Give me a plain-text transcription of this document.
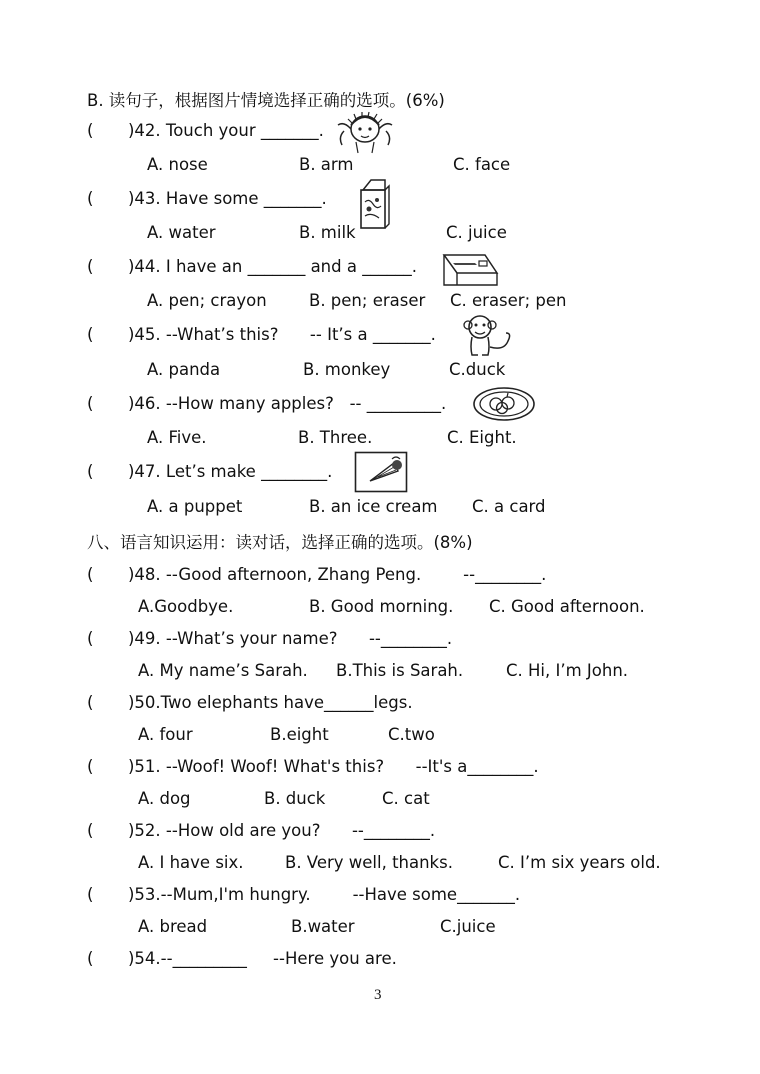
B. 读句子，根据图片情境选择正确的选项。(6%)
( )42. Touch your _______.
A. nose	B. arm	C. face
( )43. Have some _______.
A. water	B. milk	C. juice
( )44. I have an _______ and a ______.
A. pen; crayon	B. pen; eraser C. eraser; pen
( )45. --What’s this?      -- It’s a _______.
A. panda	B. monkey	C.duck
( )46. --How many apples?   -- _________.
A. Five.	B. Three.	C. Eight.
( )47. Let’s make ________.
A. a puppet	B. an ice cream C. a card
八、语言知识运用：读对话，选择正确的选项。(8%)
( )48. --Good afternoon, Zhang Peng.        --________.
A.Goodbye.	B. Good morning. C. Good afternoon.
( )49. --What’s your name?      --________.
A. My name’s Sarah. B.This is Sarah.	C. Hi, I’m John.
( )50.Two elephants have______legs.
A. four	B.eight	C.two
( )51. --Woof! Woof! What's this?      --It's a________.
A. dog	B. duck	C. cat
( )52. --How old are you?      --________.
A. I have six.	B. Very well, thanks.	C. I’m six years old.
( )53.--Mum,I'm hungry.        --Have some_______.
A. bread	B.water	C.juice
( )54.--_________     --Here you are.
3
